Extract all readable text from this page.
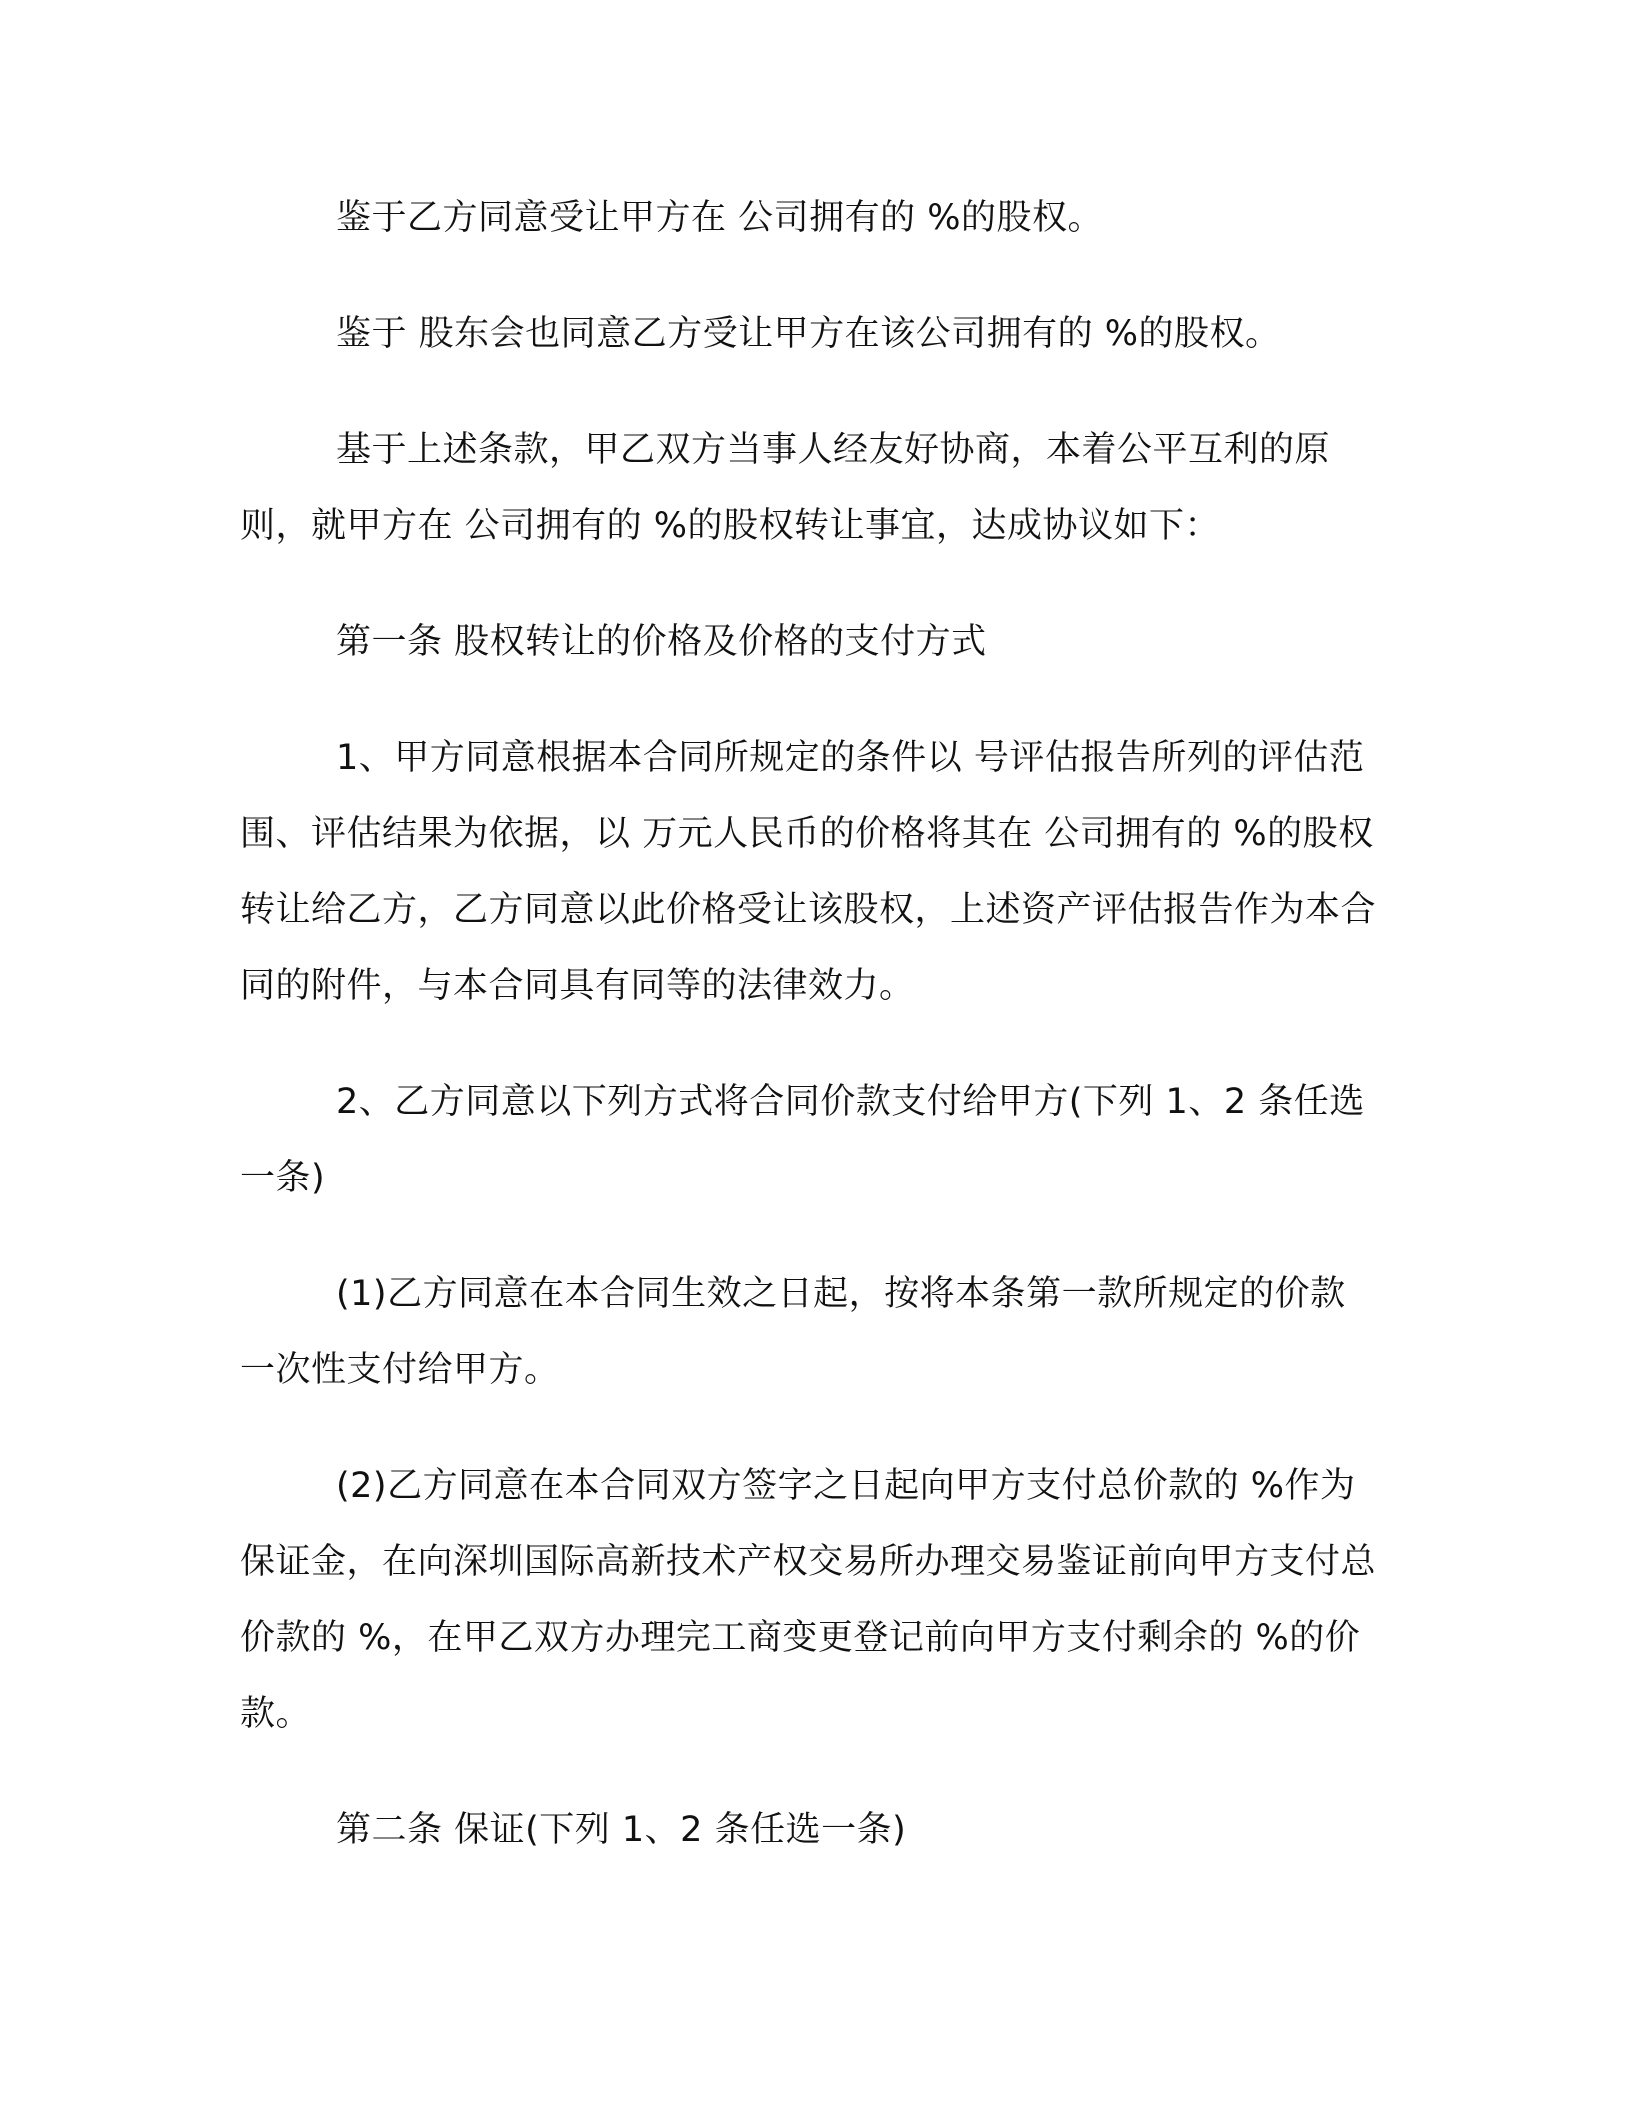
鉴于乙方同意受让甲方在 公司拥有的 %的股权。

鉴于 股东会也同意乙方受让甲方在该公司拥有的 %的股权。

基于上述条款，甲乙双方当事人经友好协商，本着公平互利的原则，就甲方在 公司拥有的 %的股权转让事宜，达成协议如下：

第一条 股权转让的价格及价格的支付方式

1、甲方同意根据本合同所规定的条件以 号评估报告所列的评估范围、评估结果为依据，以 万元人民币的价格将其在 公司拥有的 %的股权转让给乙方，乙方同意以此价格受让该股权，上述资产评估报告作为本合同的附件，与本合同具有同等的法律效力。

2、乙方同意以下列方式将合同价款支付给甲方(下列 1、2 条任选一条)

(1)乙方同意在本合同生效之日起，按将本条第一款所规定的价款一次性支付给甲方。

(2)乙方同意在本合同双方签字之日起向甲方支付总价款的 %作为保证金，在向深圳国际高新技术产权交易所办理交易鉴证前向甲方支付总价款的 %，在甲乙双方办理完工商变更登记前向甲方支付剩余的 %的价款。

第二条 保证(下列 1、2 条任选一条)
